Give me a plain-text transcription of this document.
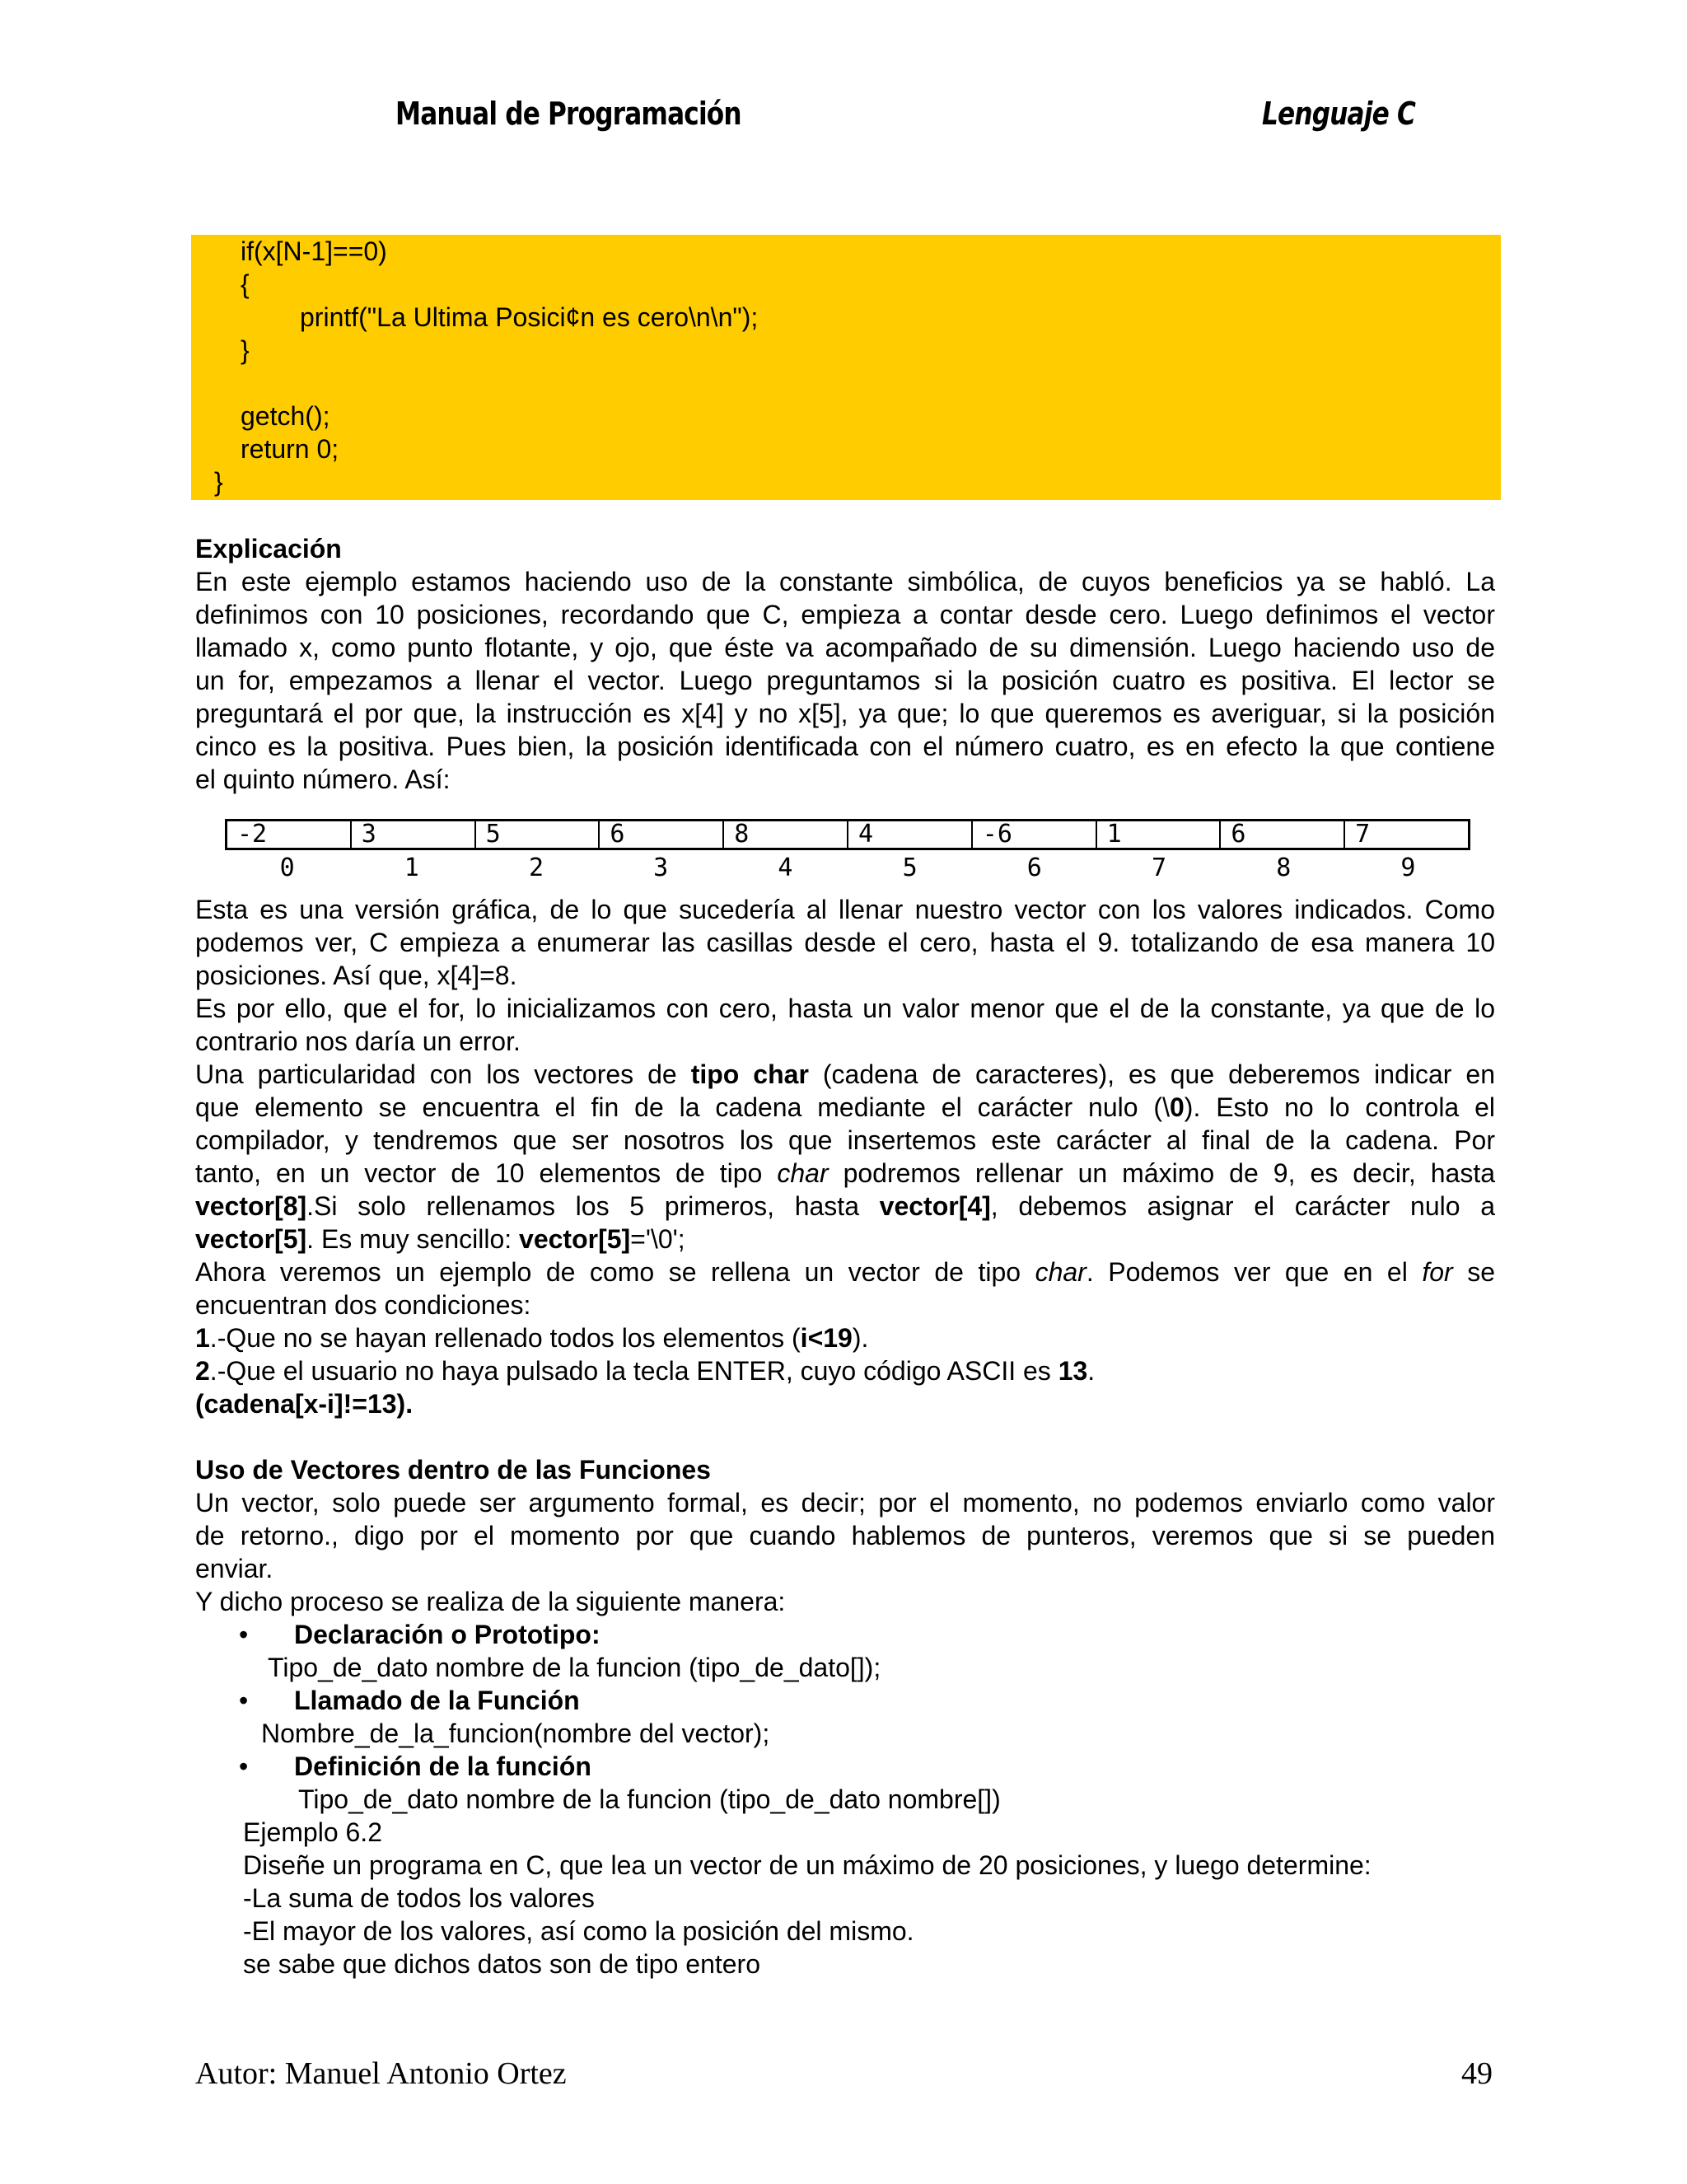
Manual de Programación	Lenguaje C
if(x[N-1]==0)
{
printf("La Ultima Posici¢n es cero\n\n");
}
getch();
return 0;
}
Explicación
En este ejemplo estamos haciendo uso de la constante simbólica, de cuyos beneficios ya se habló. La
definimos con 10 posiciones, recordando que C, empieza a contar desde cero. Luego definimos el vector
llamado x, como punto flotante, y ojo, que éste va acompañado de su dimensión. Luego haciendo uso de
un for, empezamos a llenar el vector. Luego preguntamos si la posición cuatro es positiva. El lector se
preguntará el por que, la instrucción es x[4] y no x[5], ya que; lo que queremos es averiguar, si la posición
cinco es la positiva. Pues bien, la posición identificada con el número cuatro, es en efecto la que contiene
el quinto número. Así:
-2	3	5	6	8	4	-6	1	6	7
0	1	2	3	4	5	6	7	8	9
Esta es una versión gráfica, de lo que sucedería al llenar nuestro vector con los valores indicados. Como
podemos ver, C empieza a enumerar las casillas desde el cero, hasta el 9. totalizando de esa manera 10
posiciones. Así que, x[4]=8.
Es por ello, que el for, lo inicializamos con cero, hasta un valor menor que el de la constante, ya que de lo
contrario nos daría un error.
Una particularidad con los vectores de tipo char (cadena de caracteres), es que deberemos indicar en
que elemento se encuentra el fin de la cadena mediante el carácter nulo (\0). Esto no lo controla el
compilador, y tendremos que ser nosotros los que insertemos este carácter al final de la cadena. Por
tanto, en un vector de 10 elementos de tipo char podremos rellenar un máximo de 9, es decir, hasta
vector[8].Si solo rellenamos los 5 primeros, hasta vector[4], debemos asignar el carácter nulo a
vector[5]. Es muy sencillo: vector[5]='\0';
Ahora veremos un ejemplo de como se rellena un vector de tipo char. Podemos ver que en el for se
encuentran dos condiciones:
1.-Que no se hayan rellenado todos los elementos (i<19).
2.-Que el usuario no haya pulsado la tecla ENTER, cuyo código ASCII es 13.
(cadena[x-i]!=13).
Uso de Vectores dentro de las Funciones
Un vector, solo puede ser argumento formal, es decir; por el momento, no podemos enviarlo como valor
de retorno., digo por el momento por que cuando hablemos de punteros, veremos que si se pueden
enviar.
Y dicho proceso se realiza de la siguiente manera:
• Declaración o Prototipo:
Tipo_de_dato nombre de la funcion (tipo_de_dato[]);
• Llamado de la Función
Nombre_de_la_funcion(nombre del vector);
• Definición de la función
Tipo_de_dato nombre de la funcion (tipo_de_dato nombre[])
Ejemplo 6.2
Diseñe un programa en C, que lea un vector de un máximo de 20 posiciones, y luego determine:
-La suma de todos los valores
-El mayor de los valores, así como la posición del mismo.
se sabe que dichos datos son de tipo entero
Autor: Manuel Antonio Ortez	49
